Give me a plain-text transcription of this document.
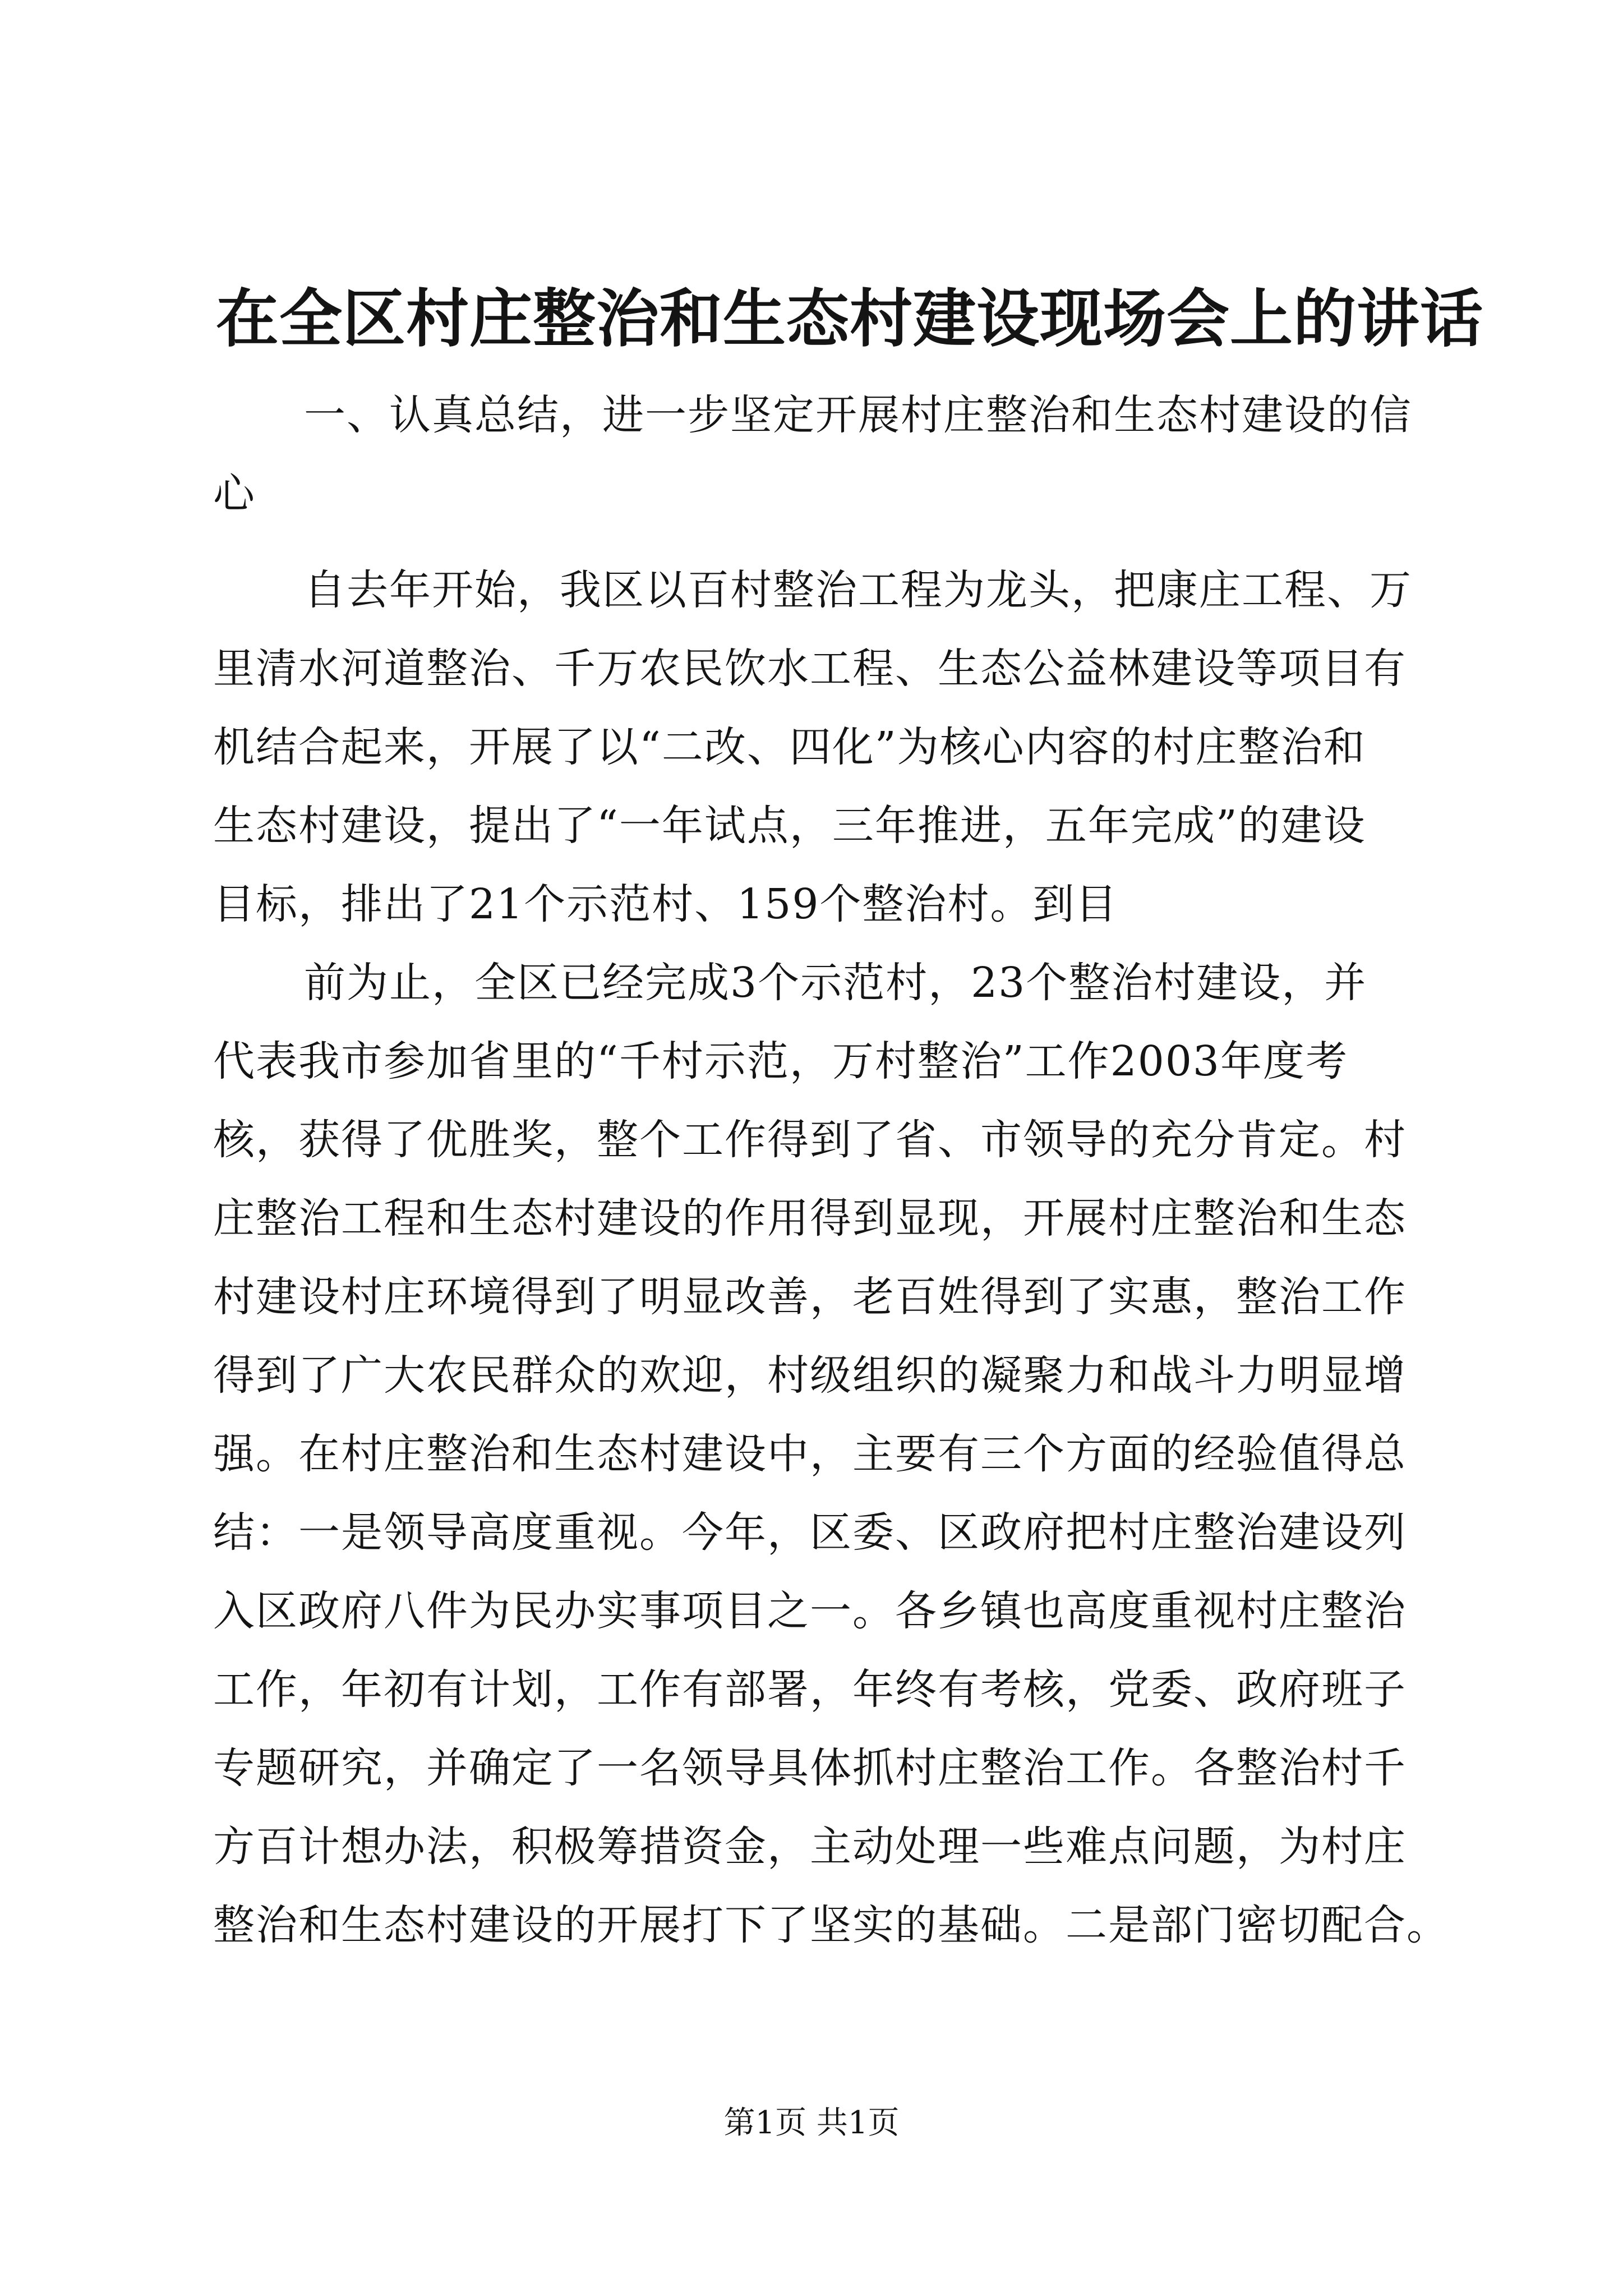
在全区村庄整治和生态村建设现场会上的讲话
一、认真总结，进一步坚定开展村庄整治和生态村建设的信
心
自去年开始，我区以百村整治工程为龙头，把康庄工程、万
里清水河道整治、千万农民饮水工程、生态公益林建设等项目有
机结合起来，开展了以“二改、四化”为核心内容的村庄整治和
生态村建设，提出了“一年试点，三年推进，五年完成”的建设
目标，排出了21个示范村、159个整治村。到目
前为止，全区已经完成3个示范村，23个整治村建设，并
代表我市参加省里的“千村示范，万村整治”工作2003年度考
核，获得了优胜奖，整个工作得到了省、市领导的充分肯定。村
庄整治工程和生态村建设的作用得到显现，开展村庄整治和生态
村建设村庄环境得到了明显改善，老百姓得到了实惠，整治工作
得到了广大农民群众的欢迎，村级组织的凝聚力和战斗力明显增
强。在村庄整治和生态村建设中，主要有三个方面的经验值得总
结：一是领导高度重视。今年，区委、区政府把村庄整治建设列
入区政府八件为民办实事项目之一。各乡镇也高度重视村庄整治
工作，年初有计划，工作有部署，年终有考核，党委、政府班子
专题研究，并确定了一名领导具体抓村庄整治工作。各整治村千
方百计想办法，积极筹措资金，主动处理一些难点问题，为村庄
整治和生态村建设的开展打下了坚实的基础。二是部门密切配合。
第1页 共1页
